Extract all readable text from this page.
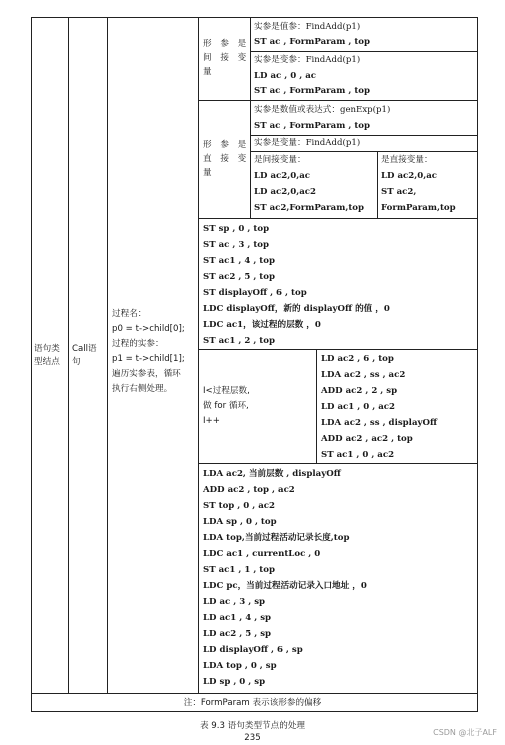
语句类
型结点
Call语
句
过程名：
p0 = t->child[0];
过程的实参：
p1 = t->child[1];
遍历实参表，循环
执行右侧处理。
形 参 是
间 接 变
量
实参是值参：FindAdd(p1)
ST ac , FormParam , top
实参是变参：FindAdd(p1)
LD ac , 0 , ac
ST ac , FormParam , top
形 参 是
直 接 变
量
实参是数值或表达式：genExp(p1)
ST ac , FormParam , top
实参是变量：FindAdd(p1)
是间接变量：
LD ac2,0,ac
LD ac2,0,ac2
ST ac2,FormParam,top
是直接变量：
LD ac2,0,ac
ST ac2,
FormParam,top
ST sp , 0 , top
ST ac , 3 , top
ST ac1 , 4 , top
ST ac2 , 5 , top
ST displayOff , 6 , top
LDC displayOff，新的 displayOff 的值 ，0
LDC ac1，该过程的层数 ，0
ST ac1 , 2 , top
I<过程层数,
做 for 循环,
I++
LD ac2 , 6 , top
LDA ac2 , ss , ac2
ADD ac2 , 2 , sp
LD ac1 , 0 , ac2
LDA ac2 , ss , displayOff
ADD ac2 , ac2 , top
ST ac1 , 0 , ac2
LDA ac2, 当前层数 , displayOff
ADD ac2 , top , ac2
ST top , 0 , ac2
LDA sp , 0 , top
LDA top,当前过程活动记录长度,top
LDC ac1 , currentLoc , 0
ST ac1 , 1 , top
LDC pc，当前过程活动记录入口地址 ，0
LD ac , 3 , sp
LD ac1 , 4 , sp
LD ac2 , 5 , sp
LD displayOff , 6 , sp
LDA top , 0 , sp
LD sp , 0 , sp
注：FormParam 表示该形参的偏移
表 9.3 语句类型节点的处理
235
CSDN @北子ALF
